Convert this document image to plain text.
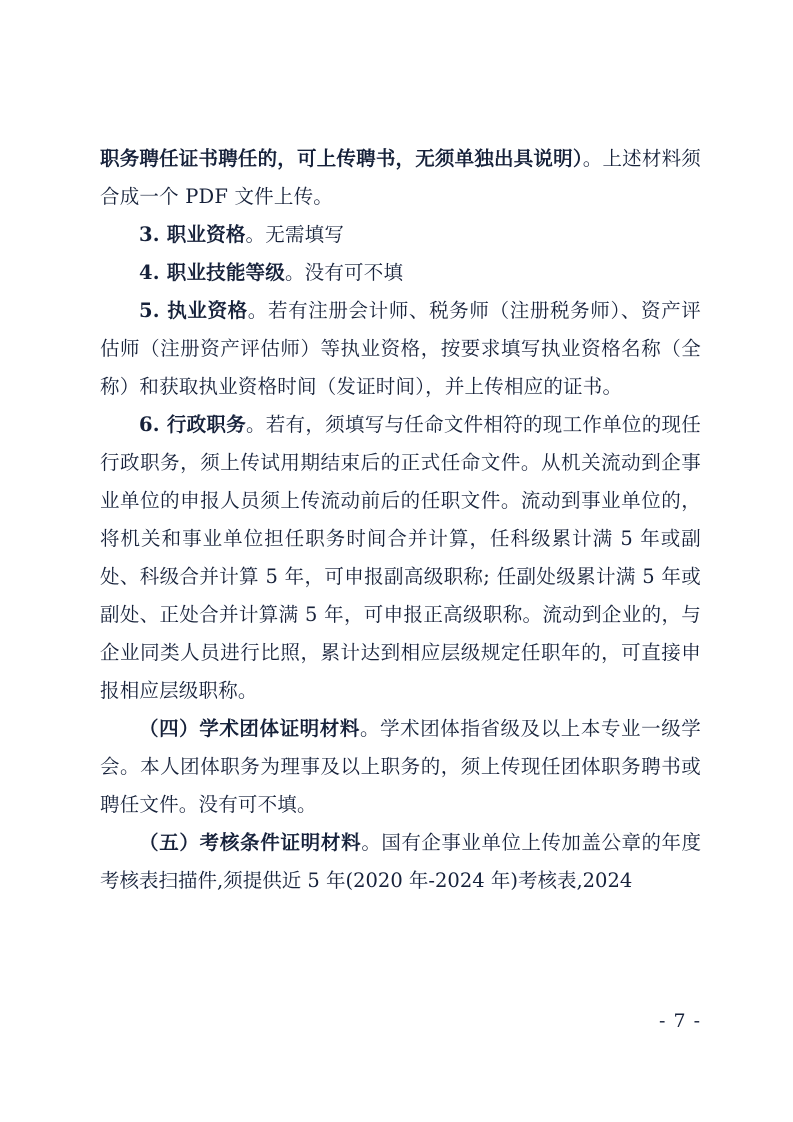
职务聘任证书聘任的，可上传聘书，无须单独出具说明）。上述材料须合成一个 PDF 文件上传。

3. 职业资格。无需填写

4. 职业技能等级。没有可不填

5. 执业资格。若有注册会计师、税务师（注册税务师）、资产评估师（注册资产评估师）等执业资格，按要求填写执业资格名称（全称）和获取执业资格时间（发证时间），并上传相应的证书。

6. 行政职务。若有，须填写与任命文件相符的现工作单位的现任行政职务，须上传试用期结束后的正式任命文件。从机关流动到企事业单位的申报人员须上传流动前后的任职文件。流动到事业单位的，将机关和事业单位担任职务时间合并计算，任科级累计满 5 年或副处、科级合并计算 5 年，可申报副高级职称; 任副处级累计满 5 年或副处、正处合并计算满 5 年，可申报正高级职称。流动到企业的，与企业同类人员进行比照，累计达到相应层级规定任职年的，可直接申报相应层级职称。

（四）学术团体证明材料。学术团体指省级及以上本专业一级学会。本人团体职务为理事及以上职务的，须上传现任团体职务聘书或聘任文件。没有可不填。

（五）考核条件证明材料。国有企事业单位上传加盖公章的年度考核表扫描件,须提供近 5 年(2020 年-2024 年)考核表,2024

- 7 -
